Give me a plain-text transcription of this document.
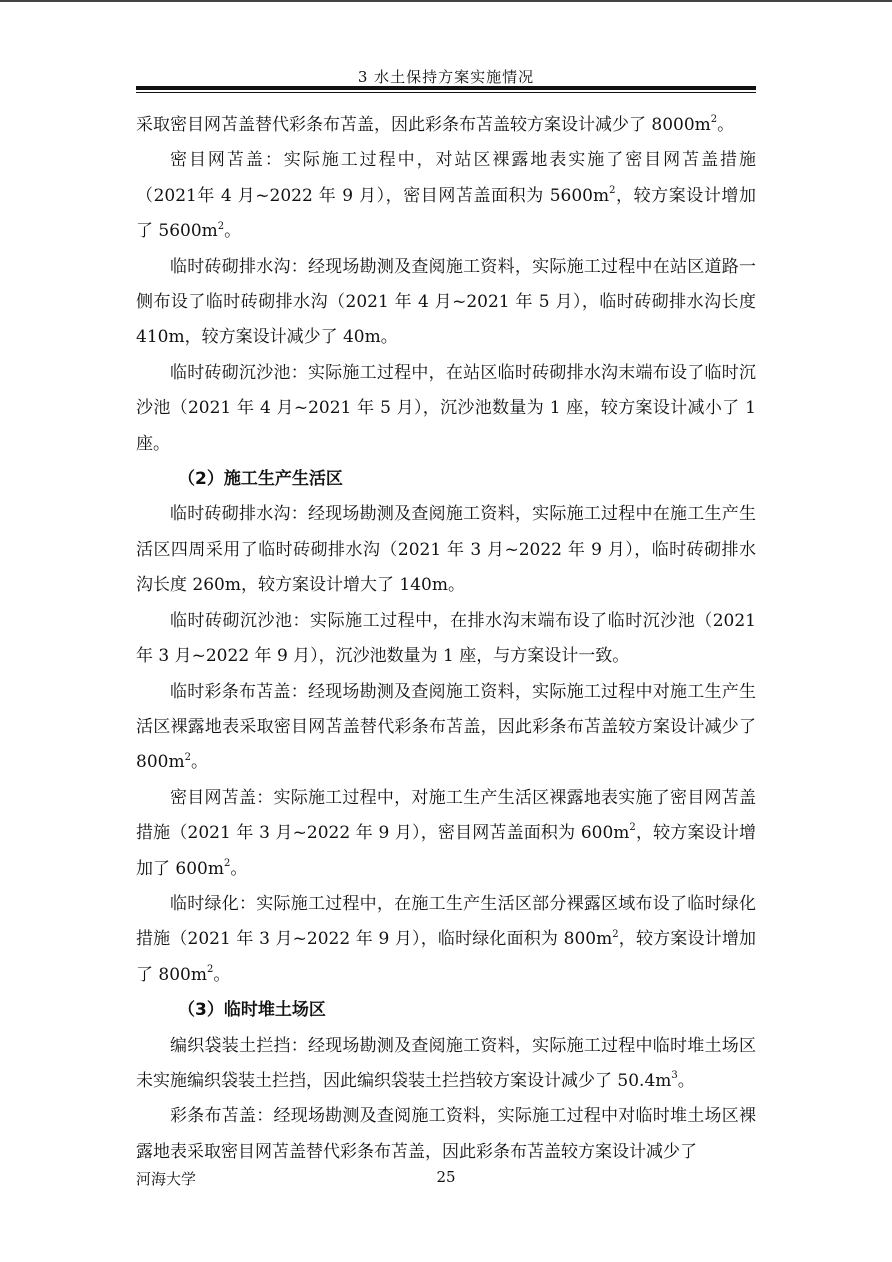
3 水土保持方案实施情况

采取密目网苫盖替代彩条布苫盖，因此彩条布苫盖较方案设计减少了 $8000m^2$。

密目网苫盖：实际施工过程中，对站区裸露地表实施了密目网苫盖措施（2021年 4 月~2022 年 9 月），密目网苫盖面积为 $5600m^2$，较方案设计增加了 $5600m^2$。

临时砖砌排水沟：经现场勘测及查阅施工资料，实际施工过程中在站区道路一侧布设了临时砖砌排水沟（2021 年 4 月~2021 年 5 月），临时砖砌排水沟长度 410m，较方案设计减少了 40m。

临时砖砌沉沙池：实际施工过程中，在站区临时砖砌排水沟末端布设了临时沉沙池（2021 年 4 月~2021 年 5 月），沉沙池数量为 1 座，较方案设计减小了 1 座。

（2）施工生产生活区

临时砖砌排水沟：经现场勘测及查阅施工资料，实际施工过程中在施工生产生活区四周采用了临时砖砌排水沟（2021 年 3 月~2022 年 9 月），临时砖砌排水沟长度 260m，较方案设计增大了 140m。

临时砖砌沉沙池：实际施工过程中，在排水沟末端布设了临时沉沙池（2021年 3 月~2022 年 9 月），沉沙池数量为 1 座，与方案设计一致。

临时彩条布苫盖：经现场勘测及查阅施工资料，实际施工过程中对施工生产生活区裸露地表采取密目网苫盖替代彩条布苫盖，因此彩条布苫盖较方案设计减少了 $800m^2$。

密目网苫盖：实际施工过程中，对施工生产生活区裸露地表实施了密目网苫盖措施（2021 年 3 月~2022 年 9 月），密目网苫盖面积为 $600m^2$，较方案设计增加了 $600m^2$。

临时绿化：实际施工过程中，在施工生产生活区部分裸露区域布设了临时绿化措施（2021 年 3 月~2022 年 9 月），临时绿化面积为 $800m^2$，较方案设计增加了 $800m^2$。

（3）临时堆土场区

编织袋装土拦挡：经现场勘测及查阅施工资料，实际施工过程中临时堆土场区未实施编织袋装土拦挡，因此编织袋装土拦挡较方案设计减少了 $50.4m^3$。

彩条布苫盖：经现场勘测及查阅施工资料，实际施工过程中对临时堆土场区裸露地表采取密目网苫盖替代彩条布苫盖，因此彩条布苫盖较方案设计减少了

河海大学	25
